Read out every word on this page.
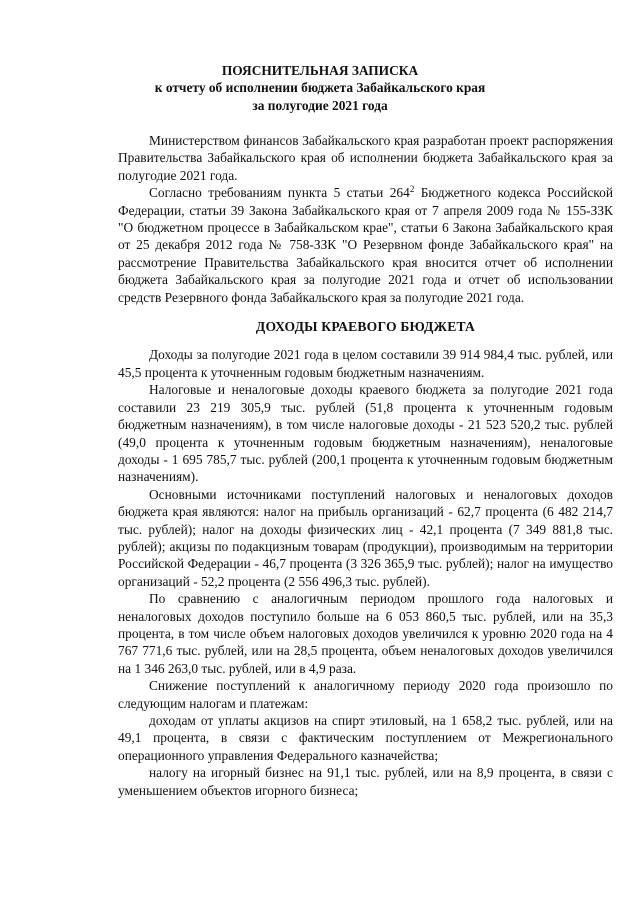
ПОЯСНИТЕЛЬНАЯ ЗАПИСКА
к отчету об исполнении бюджета Забайкальского края
за полугодие 2021 года

Министерством финансов Забайкальского края разработан проект распоряжения Правительства Забайкальского края об исполнении бюджета Забайкальского края за полугодие 2021 года.

Согласно требованиям пункта 5 статьи $264^2$ Бюджетного кодекса Российской Федерации, статьи 39 Закона Забайкальского края от 7 апреля 2009 года № 155-ЗЗК "О бюджетном процессе в Забайкальском крае", статьи 6 Закона Забайкальского края от 25 декабря 2012 года № 758-ЗЗК "О Резервном фонде Забайкальского края" на рассмотрение Правительства Забайкальского края вносится отчет об исполнении бюджета Забайкальского края за полугодие 2021 года и отчет об использовании средств Резервного фонда Забайкальского края за полугодие 2021 года.

ДОХОДЫ КРАЕВОГО БЮДЖЕТА

Доходы за полугодие 2021 года в целом составили 39 914 984,4 тыс. рублей, или 45,5 процента к уточненным годовым бюджетным назначениям.

Налоговые и неналоговые доходы краевого бюджета за полугодие 2021 года составили 23 219 305,9 тыс. рублей (51,8 процента к уточненным годовым бюджетным назначениям), в том числе налоговые доходы - 21 523 520,2 тыс. рублей (49,0 процента к уточненным годовым бюджетным назначениям), неналоговые доходы - 1 695 785,7 тыс. рублей (200,1 процента к уточненным годовым бюджетным назначениям).

Основными источниками поступлений налоговых и неналоговых доходов бюджета края являются: налог на прибыль организаций - 62,7 процента (6 482 214,7 тыс. рублей); налог на доходы физических лиц - 42,1 процента (7 349 881,8 тыс. рублей); акцизы по подакцизным товарам (продукции), производимым на территории Российской Федерации - 46,7 процента (3 326 365,9 тыс. рублей); налог на имущество организаций - 52,2 процента (2 556 496,3 тыс. рублей).

По сравнению с аналогичным периодом прошлого года налоговых и неналоговых доходов поступило больше на 6 053 860,5 тыс. рублей, или на 35,3 процента, в том числе объем налоговых доходов увеличился к уровню 2020 года на 4 767 771,6 тыс. рублей, или на 28,5 процента, объем неналоговых доходов увеличился на 1 346 263,0 тыс. рублей, или в 4,9 раза.

Снижение поступлений к аналогичному периоду 2020 года произошло по следующим налогам и платежам:

доходам от уплаты акцизов на спирт этиловый, на 1 658,2 тыс. рублей, или на 49,1 процента, в связи с фактическим поступлением от Межрегионального операционного управления Федерального казначейства;

налогу на игорный бизнес на 91,1 тыс. рублей, или на 8,9 процента, в связи с уменьшением объектов игорного бизнеса;
